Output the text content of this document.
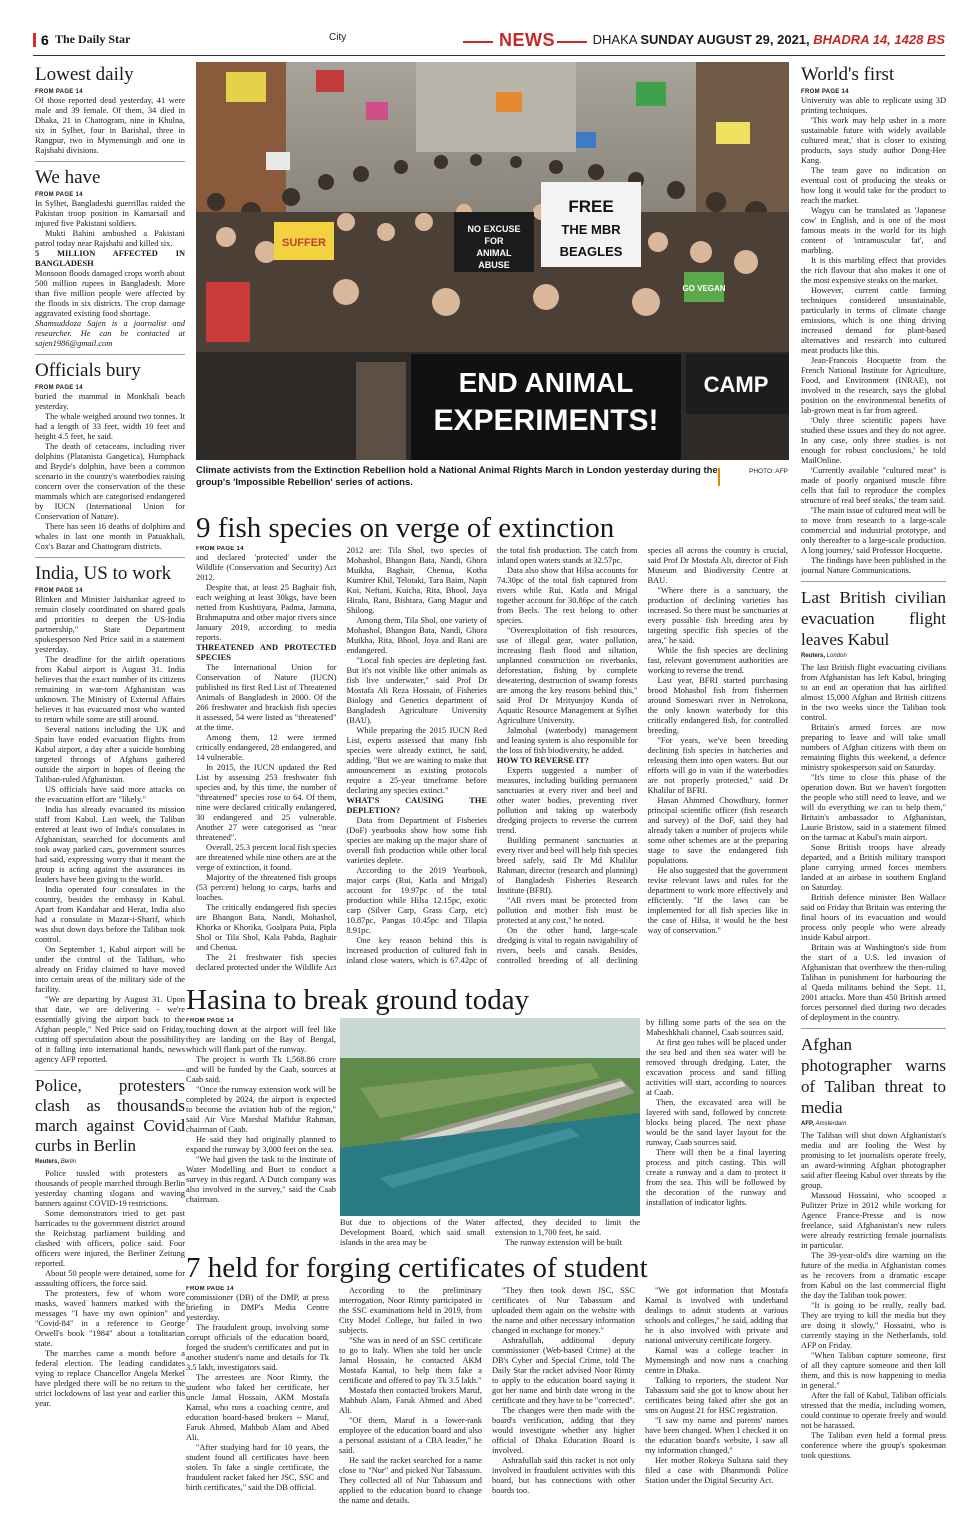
6 The Daily Star	City	NEWS	DHAKA SUNDAY AUGUST 29, 2021, BHADRA 14, 1428 BS
Lowest daily
FROM PAGE 14

Of those reported dead yesterday, 41 were male and 39 female. Of them, 34 died in Dhaka, 21 in Chattogram, nine in Khulna, six in Sylhet, four in Barishal, three in Rangpur, two in Mymensingh and one in Rajshahi divisions.

We have
FROM PAGE 14

In Sylhet, Bangladeshi guerrillas raided the Pakistan troop position in Kamarsail and injured five Pakistani soldiers.

Mukti Bahini ambushed a Pakistani patrol today near Rajshahi and killed six.

5 MILLION AFFECTED IN BANGLADESH

Monsoon floods damaged crops worth about 500 million rupees in Bangladesh. More than five million people were affected by the floods in six districts. The crop damage aggravated existing food shortage.

Shamsuddoza Sajen is a journalist and researcher. He can be contacted at sajen1986@gmail.com

Officials bury
FROM PAGE 14

buried the mammal in Monkhali beach yesterday.

The whale weighed around two tonnes. It had a length of 33 feet, width 10 feet and height 4.5 feet, he said.

The death of cetaceans, including river dolphins (Platanista Gangetica), Humpback and Bryde's dolphin, have been a common scenario in the country's waterbodies raising concern over the conservation of the these mammals which are categorised endangered by IUCN (International Union for Conservation of Nature).

There has seen 16 deaths of dolphins and whales in last one month in Patuakhali, Cox's Bazar and Chattogram districts.

India, US to work
FROM PAGE 14

Blinken and Minister Jaishankar agreed to remain closely coordinated on shared goals and priorities to deepen the US-India partnership," State Department spokesperson Ned Price said in a statement yesterday.

The deadline for the airlift operations from Kabul airport is August 31. India believes that the exact number of its citizens remaining in war-torn Afghanistan was unknown. The Ministry of External Affairs believes it has evacuated most who wanted to return while some are still around.

Several nations including the UK and Spain have ended evacuation flights from Kabul airport, a day after a suicide bombing targeted throngs of Afghans gathered outside the airport in hopes of fleeing the Taliban-ruled Afghanistan.

US officials have said more attacks on the evacuation effort are "likely."

India has already evacuated its mission staff from Kabul. Last week, the Taliban entered at least two of India's consulates in Afghanistan, searched for documents and took away parked cars, government sources had said, expressing worry that it meant the group is acting against the assurances its leaders have been giving to the world.

India operated four consulates in the country, besides the embassy in Kabul. Apart from Kandahar and Herat, India also had a consulate in Mazar-i-Sharif, which was shut down days before the Taliban took control.

On September 1, Kabul airport will be under the control of the Taliban, who already on Friday claimed to have moved into certain areas of the military side of the facility.

"We are departing by August 31. Upon that date, we are delivering - we're essentially giving the airport back to the Afghan people," Ned Price said on Friday, cutting off speculation about the possibility of it falling into international hands, news agency AFP reported.

Police, protesters clash as thousands march against Covid curbs in Berlin
Reuters, Berlin

Police tussled with protesters as thousands of people marched through Berlin yesterday chanting slogans and waving banners against COVID-19 restrictions.

Some demonstrators tried to get past barricades to the government district around the Reichstag parliament building and clashed with officers, police said. Four officers were injured, the Berliner Zeitung reported.

About 50 people were detained, some for assaulting officers, the force said.

The protesters, few of whom wore masks, waved banners marked with the messages "I have my own opinion" and "Covid-84" in a reference to George Orwell's book "1984" about a totalitarian state.

The marches came a month before a federal election. The leading candidates vying to replace Chancellor Angela Merkel have pledged there will be no return to the strict lockdowns of last year and earlier this year.

NO EXCUSE
FOR
ANIMAL
ABUSE
FREE
THE MBR
BEAGLES
SUFFER
GO VEGAN
END ANIMAL
EXPERIMENTS!
CAMP
Climate activists from the Extinction Rebellion hold a National Animal Rights March in London yesterday during the group's 'Impossible Rebellion' series of actions.
PHOTO: AFP
9 fish species on verge of extinction
FROM PAGE 14

and declared 'protected' under the Wildlife (Conservation and Security) Act 2012.

Despite that, at least 25 Baghair fish, each weighing at least 30kgs, have been netted from Kushtiyara, Padma, Jamuna, Brahmaputra and other major rivers since January 2019, according to media reports.

THREATENED AND PROTECTED SPECIES

The International Union for Conservation of Nature (IUCN) published its first Red List of Threatened Animals of Bangladesh in 2000. Of the 266 freshwater and brackish fish species it assessed, 54 were listed as "threatened" at the time.

Among them, 12 were termed critically endangered, 28 endangered, and 14 vulnerable.

In 2015, the IUCN updated the Red List by assessing 253 freshwater fish species and, by this time, the number of "threatened" species rose to 64. Of them, nine were declared critically endangered, 30 endangered and 25 vulnerable. Another 27 were categorised as "near threatened".

Overall, 25.3 percent local fish species are threatened while nine others are at the verge of extinction, it found.

Majority of the threatened fish groups (53 percent) belong to carps, barbs and loaches.

The critically endangered fish species are Bhangon Bata, Nandi, Mohashol, Khorka or Khorika, Goalpara Puia, Pipla Shol or Tila Shol, Kala Pabda, Baghair and Chenua.

The 21 freshwater fish species declared protected under the Wildlife Act 2012 are: Tila Shol, two species of Mohashol, Bhangon Bata, Nandi, Ghora Muikha, Baghair, Chenua, Kotha Kumirer Khil, Telotaki, Tara Baim, Napit Koi, Neftani, Kuicha, Rita, Bhool, Jaya Hiralu, Rani, Bishtara, Gang Magur and Shilong.

Among them, Tila Shol, one variety of Mohashol, Bhangon Bata, Nandi, Ghora Muikha, Rita, Bhool, Joya and Rani are endangered.

"Local fish species are depleting fast. But it's not visible like other animals as fish live underwater," said Prof Dr Mostafa Ali Reza Hossain, of Fisheries Biology and Genetics department of Bangladesh Agriculture University (BAU).

While preparing the 2015 IUCN Red List, experts assessed that many fish species were already extinct, he said, adding, "But we are waiting to make that announcement as existing protocols require a 25-year timeframe before declaring any species extinct."

WHAT'S CAUSING THE DEPLETION?

Data from Department of Fisheries (DoF) yearbooks show how some fish species are making up the major share of overall fish production while other local varieties deplete.

According to the 2019 Yearbook, major carps (Rui, Katla and Mrigal) account for 19.97pc of the total production while Hilsa 12.15pc, exotic carp (Silver Carp, Grass Carp, etc) 10.87pc, Pangas 10.45pc and Tilapia 8.91pc.

One key reason behind this is increased production of cultured fish in inland close waters, which is 67.42pc of the total fish production. The catch from inland open waters stands at 32.57pc.

Data also show that Hilsa accounts for 74.30pc of the total fish captured from rivers while Rui, Katla and Mrigal together account for 30.86pc of the catch from Beels. The rest belong to other species.

"Overexploitation of fish resources, use of illegal gear, water pollution, increasing flash flood and siltation, unplanned construction on riverbanks, deforestation, fishing by complete dewatering, destruction of swamp forests are among the key reasons behind this," said Prof Dr Mrityunjoy Kunda of Aquatic Resource Management at Sylhet Agriculture University.

Jalmohal (waterbody) management and leasing system is also responsible for the loss of fish biodiversity, he added.

HOW TO REVERSE IT?

Experts suggested a number of measures, including building permanent sanctuaries at every river and beel and other water bodies, preventing river pollution and taking up waterbody dredging projects to reverse the current trend.

Building permanent sanctuaries at every river and beel will help fish species breed safely, said Dr Md Khalilur Rahman, director (research and planning) of Bangladesh Fisheries Research Institute (BFRI).

"All rivers must be protected from pollution and mother fish must be protected at any cost," he noted.

On the other hand, large-scale dredging is vital to regain navigability of rivers, beels and canals. Besides, controlled breeding of all declining species all across the country is crucial, said Prof Dr Mostafa Ali, director of Fish Museum and Biodiversity Centre at BAU.

"Where there is a sanctuary, the production of declining varieties has increased. So there must be sanctuaries at every possible fish breeding area by targeting specific fish species of the area," he said.

While the fish species are declining fast, relevant government authorities are working to reverse the trend.

Last year, BFRI started purchasing brood Mohashol fish from fishermen around Someswari river in Netrokona, the only known waterbody for this critically endangered fish, for controlled breeding.

"For years, we've been breeding declining fish species in hatcheries and releasing them into open waters. But our efforts will go in vain if the waterbodies are not properly protected," said Dr Khalilur of BFRI.

Hasan Ahmmed Chowdhury, former principal scientific officer (fish research and survey) of the DoF, said they had already taken a number of projects while some other schemes are at the preparing stage to save the endangered fish populations.

He also suggested that the government revise relevant laws and rules for the department to work more effectively and efficiently. "If the laws can be implemented for all fish species like in the case of Hilsa, it would be the best way of conservation."

Hasina to break ground today
FROM PAGE 14

touching down at the airport will feel like they are landing on the Bay of Bengal, which will flank part of the runway.

The project is worth Tk 1,568.86 crore and will be funded by the Caab, sources at Caab said.

"Once the runway extension work will be completed by 2024, the airport is expected to become the aviation hub of the region," said Air Vice Marshal Mafidur Rahman, chairman of Caab.

He said they had originally planned to expand the runway by 3,000 feet on the sea.

"We had given the task to the Institute of Water Modelling and Buet to conduct a survey in this regard. A Dutch company was also involved in the survey," said the Caab chairman.

But due to objections of the Water Development Board, which said small islands in the area may be

affected, they decided to limit the extension to 1,700 feet, he said.

The runway extension will be built

by filling some parts of the sea on the Maheshkhali channel, Caab sources said.

At first geo tubes will be placed under the sea bed and then sea water will be removed through dredging. Later, the excavation process and sand filling activities will start, according to sources at Caab.

Then, the excavated area will be layered with sand, followed by concrete blocks being placed. The next phase would be the sand layer layout for the runway, Caab sources said.

There will then be a final layering process and pitch casting. This will create a runway and a dam to protect it from the sea. This will be followed by the decoration of the runway and installation of indicator lights.

7 held for forging certificates of student
FROM PAGE 14

commissioner (DB) of the DMP, at press briefing in DMP's Media Centre yesterday.

The fraudulent group, involving some corrupt officials of the education board, forged the student's certificates and put in another student's name and details for Tk 3.5 lakh, investigators said.

The arrestees are Noor Rimty, the student who faked her certificate, her uncle Jamal Hossain, AKM Mostafa Kamal, who runs a coaching centre, and education board-based brokers -- Maruf, Faruk Ahmed, Mahbub Alam and Abed Ali.

"After studying hard for 10 years, the student found all certificates have been stolen. To fake a single certificate, the fraudulent racket faked her JSC, SSC and birth certificates," said the DB official.

According to the preliminary interrogation, Noor Rimty participated in the SSC examinations held in 2019, from City Model College, but failed in two subjects.

"She was in need of an SSC certificate to go to Italy. When she told her uncle Jamal Hossain, he contacted AKM Mostafa Kamal, to help them fake a certificate and offered to pay Tk 3.5 lakh."

Mostafa then contacted brokers Maruf, Mahbub Alam, Faruk Ahmed and Abed Ali.

"Of them, Maruf is a lower-rank employee of the education board and also a personal assistant of a CBA leader," he said.

He said the racket searched for a name close to "Nur" and picked Nur Tabassum. They collected all of Nur Tabassum and applied to the education board to change the name and details.

"They then took down JSC, SSC certificates of Nur Tabassum and uploaded them again on the website with the name and other necessary information changed in exchange for money."

Ashrafullah, additional deputy commissioner (Web-based Crime) at the DB's Cyber and Special Crime, told The Daily Star the racket advised Noor Rimty to apply to the education board saying it got her name and birth date wrong in the certificate and they have to be "corrected".

The changes were then made with the board's verification, adding that they would investigate whether any higher official of Dhaka Education Board is involved.

Ashrafullah said this racket is not only involved in fraudulent activities with this board, but has connections with other boards too.

"We got information that Mostafa Kamal is involved with underhand dealings to admit students at various schools and colleges," he said, adding that he is also involved with private and national university certificate forgery.

Kamal was a college teacher in Mymensingh and now runs a coaching centre in Dhaka.

Talking to reporters, the student Nur Tabassum said she got to know about her certificates being faked after she got an sms on August 21 for HSC registration.

"I saw my name and parents' names have been changed. When I checked it on the education board's website, I saw all my information changed."

Her mother Rokeya Sultana said they filed a case with Dhanmondi Police Station under the Digital Security Act.

World's first
FROM PAGE 14

University was able to replicate using 3D printing techniques.

'This work may help usher in a more sustainable future with widely available cultured meat,' that is closer to existing products, says study author Dong-Hee Kang.

The team gave no indication on eventual cost of producing the steaks or how long it would take for the product to reach the market.

Wagyu can be translated as 'Japanese cow' in English, and is one of the most famous meats in the world for its high content of 'intramuscular fat', and marbling.

It is this marbling effect that provides the rich flavour that also makes it one of the most expensive steaks on the market.

However, current cattle farming techniques considered unsustainable, particularly in terms of climate change emissions, which is one thing driving increased demand for plant-based alternatives and research into cultured meat products like this.

Jean-Francois Hocquette from the French National Institute for Agriculture, Food, and Environment (INRAE), not involved in the research, says the global position on the environmental benefits of lab-grown meat is far from agreed.

'Only three scientific papers have studied these issues and they do not agree. In any case, only three studies is not enough for robust conclusions,' he told MailOnline.

'Currently available "cultured meat" is made of poorly organised muscle fibre cells that fail to reproduce the complex structure of real beef steaks,' the team said.

'The main issue of cultured meat will be to move from research to a large-scale commercial and industrial prototype, and only thereafter to a large-scale production. A long journey,' said Professor Hocquette.

The findings have been published in the journal Nature Communications.

Last British civilian evacuation flight leaves Kabul
Reuters, London

The last British flight evacuating civilians from Afghanistan has left Kabul, bringing to an end an operation that has airlifted almost 15,000 Afghan and British citizens in the two weeks since the Taliban took control.

Britain's armed forces are now preparing to leave and will take small numbers of Afghan citizens with them on remaining flights this weekend, a defence ministry spokesperson said on Saturday.

"It's time to close this phase of the operation down. But we haven't forgotten the people who still need to leave, and we will do everything we can to help them," Britain's ambassador to Afghanistan, Laurie Bristow, said in a statement filmed on the tarmac at Kabul's main airport.

Some British troops have already departed, and a British military transport plane carrying armed forces members landed at an airbase in southern England on Saturday.

British defence minister Ben Wallace said on Friday that Britain was entering the final hours of its evacuation and would process only people who were already inside Kabul airport.

Britain was at Washington's side from the start of a U.S. led invasion of Afghanistan that overthrew the then-ruling Taliban in punishment for harbouring the al Qaeda militants behind the Sept. 11, 2001 attacks. More than 450 British armed forces personnel died during two decades of deployment in the country.

Afghan photographer warns of Taliban threat to media
AFP, Amsterdam

The Taliban will shut down Afghanistan's media and are fooling the West by promising to let journalists operate freely, an award-winning Afghan photographer said after fleeing Kabul over threats by the group.

Massoud Hossaini, who scooped a Pulitzer Prize in 2012 while working for Agence France-Presse and is now freelance, said Afghanistan's new rulers were already restricting female journalists in particular.

The 39-year-old's dire warning on the future of the media in Afghanistan comes as he recovers from a dramatic escape from Kabul on the last commercial flight the day the Taliban took power.

"It is going to be really, really bad. They are trying to kill the media but they are doing it slowly," Hossaini, who is currently staying in the Netherlands, told AFP on Friday.

"When Taliban capture someone, first of all they capture someone and then kill them, and this is now happening to media in general."

After the fall of Kabul, Taliban officials stressed that the media, including women, could continue to operate freely and would not be harassed.

The Taliban even held a formal press conference where the group's spokesman took questions.
